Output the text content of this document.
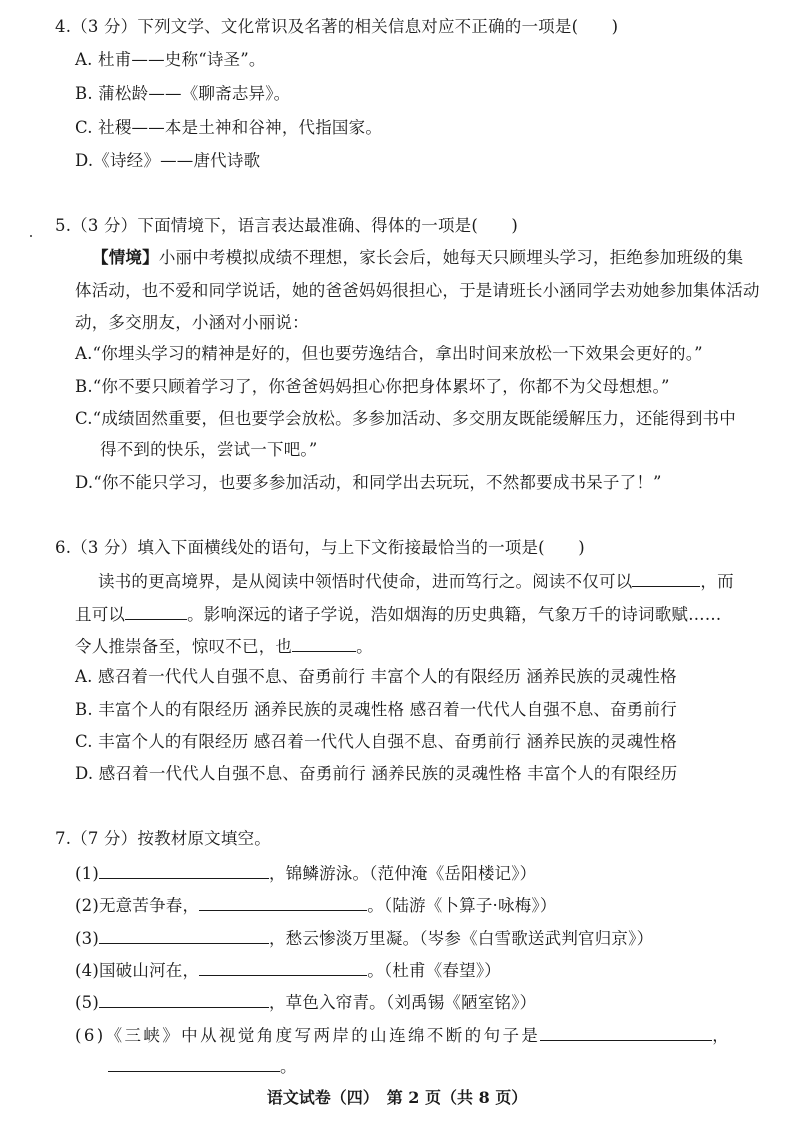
4.（3 分）下列文学、文化常识及名著的相关信息对应不正确的一项是(　　)
A. 杜甫——史称“诗圣”。
B. 蒲松龄——《聊斋志异》。
C. 社稷——本是土神和谷神，代指国家。
D.《诗经》——唐代诗歌
5.（3 分）下面情境下，语言表达最准确、得体的一项是(　　)
【情境】小丽中考模拟成绩不理想，家长会后，她每天只顾埋头学习，拒绝参加班级的集
体活动，也不爱和同学说话，她的爸爸妈妈很担心，于是请班长小涵同学去劝她参加集体活动
动，多交朋友，小涵对小丽说：
A.“你埋头学习的精神是好的，但也要劳逸结合，拿出时间来放松一下效果会更好的。”
B.“你不要只顾着学习了，你爸爸妈妈担心你把身体累坏了，你都不为父母想想。”
C.“成绩固然重要，但也要学会放松。多参加活动、多交朋友既能缓解压力，还能得到书中
得不到的快乐，尝试一下吧。”
D.“你不能只学习，也要多参加活动，和同学出去玩玩，不然都要成书呆子了！”
6.（3 分）填入下面横线处的语句，与上下文衔接最恰当的一项是(　　)
读书的更高境界，是从阅读中领悟时代使命，进而笃行之。阅读不仅可以	，而
且可以	。影响深远的诸子学说，浩如烟海的历史典籍，气象万千的诗词歌赋……
令人推崇备至，惊叹不已，也	。
A. 感召着一代代人自强不息、奋勇前行 丰富个人的有限经历 涵养民族的灵魂性格
B. 丰富个人的有限经历 涵养民族的灵魂性格 感召着一代代人自强不息、奋勇前行
C. 丰富个人的有限经历 感召着一代代人自强不息、奋勇前行 涵养民族的灵魂性格
D. 感召着一代代人自强不息、奋勇前行 涵养民族的灵魂性格 丰富个人的有限经历
7.（7 分）按教材原文填空。
(1)	，锦鳞游泳。（范仲淹《岳阳楼记》）
(2)无意苦争春，	。（陆游《卜算子·咏梅》）
(3)	，愁云惨淡万里凝。（岑参《白雪歌送武判官归京》）
(4)国破山河在，	。（杜甫《春望》）
(5)	，草色入帘青。（刘禹锡《陋室铭》）
(6)《三峡》中从视觉角度写两岸的山连绵不断的句子是	，
。
语文试卷（四）　第 2 页（共 8 页）
